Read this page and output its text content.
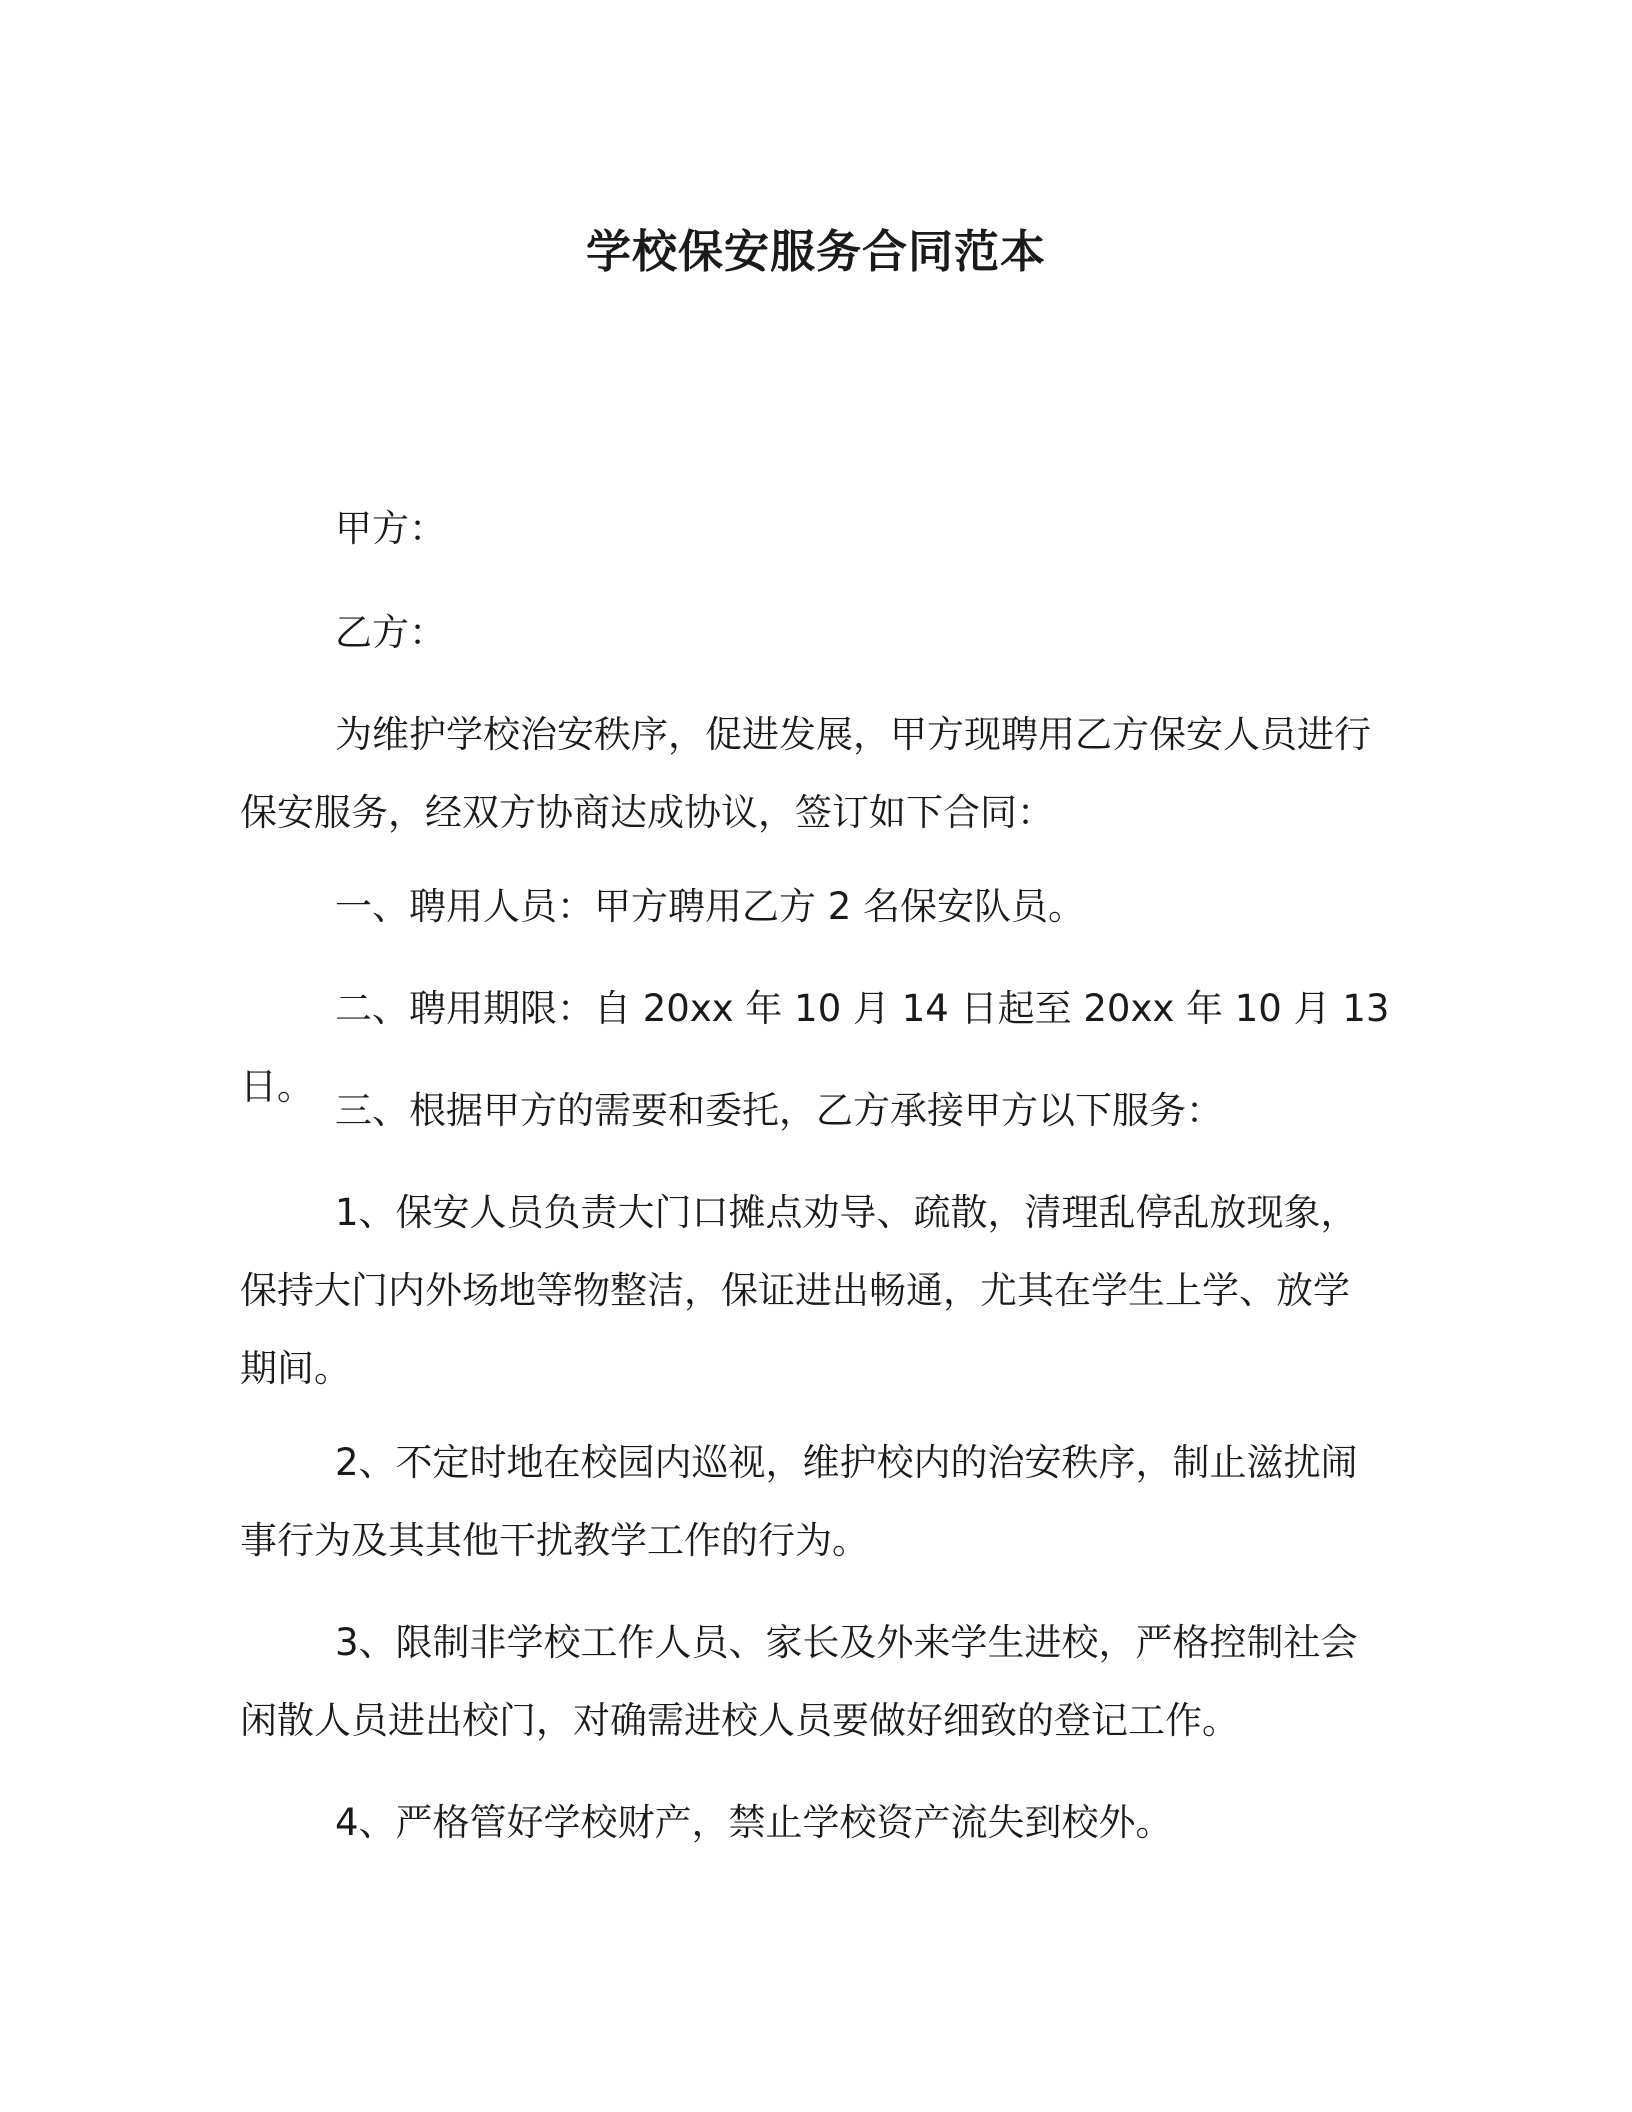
学校保安服务合同范本

甲方：

乙方：

为维护学校治安秩序，促进发展，甲方现聘用乙方保安人员进行
保安服务，经双方协商达成协议，签订如下合同：

一、聘用人员：甲方聘用乙方 2 名保安队员。

二、聘用期限：自 20xx 年 10 月 14 日起至 20xx 年 10 月 13 日。

三、根据甲方的需要和委托，乙方承接甲方以下服务：

1、保安人员负责大门口摊点劝导、疏散，清理乱停乱放现象，
保持大门内外场地等物整洁，保证进出畅通，尤其在学生上学、放学
期间。
2、不定时地在校园内巡视，维护校内的治安秩序，制止滋扰闹
事行为及其其他干扰教学工作的行为。
3、限制非学校工作人员、家长及外来学生进校，严格控制社会
闲散人员进出校门，对确需进校人员要做好细致的登记工作。

4、严格管好学校财产，禁止学校资产流失到校外。
